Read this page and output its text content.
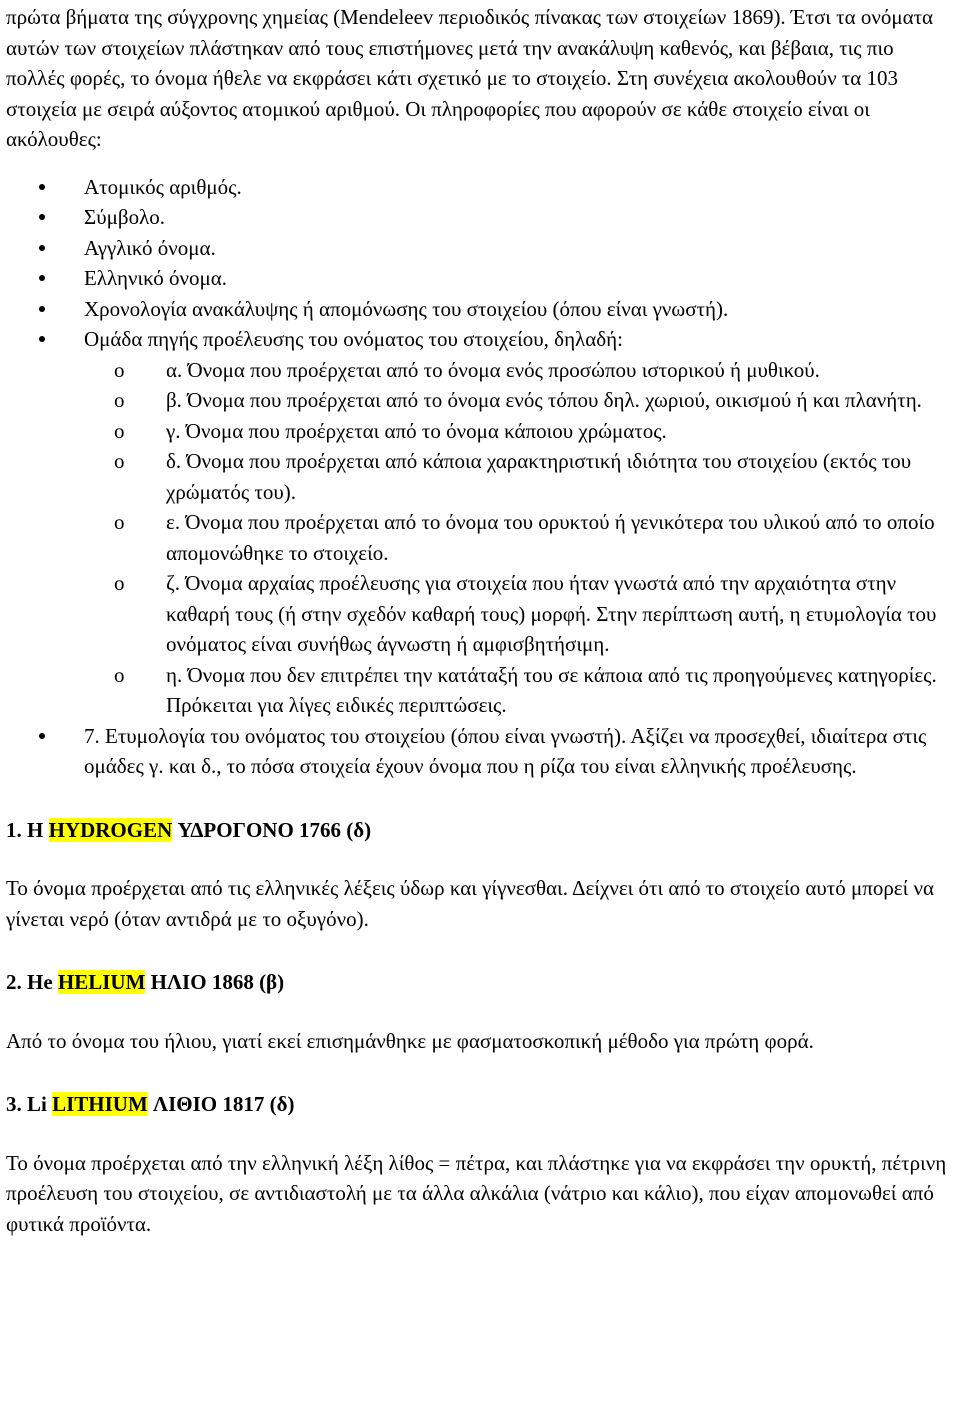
πρώτα βήματα της σύγχρονης χημείας (Mendeleev περιοδικός πίνακας των στοιχείων 1869). Έτσι τα ονόματα αυτών των στοιχείων πλάστηκαν από τους επιστήμονες μετά την ανακάλυψη καθενός, και βέβαια, τις πιο πολλές φορές, το όνομα ήθελε να εκφράσει κάτι σχετικό με το στοιχείο. Στη συνέχεια ακολουθούν τα 103 στοιχεία με σειρά αύξοντος ατομικού αριθμού. Οι πληροφορίες που αφορούν σε κάθε στοιχείο είναι οι ακόλουθες:

Ατομικός αριθμός.
Σύμβολο.
Αγγλικό όνομα.
Ελληνικό όνομα.
Χρονολογία ανακάλυψης ή απομόνωσης του στοιχείου (όπου είναι γνωστή).
Ομάδα πηγής προέλευσης του ονόματος του στοιχείου, δηλαδή:
o α. Όνομα που προέρχεται από το όνομα ενός προσώπου ιστορικού ή μυθικού.
o β. Όνομα που προέρχεται από το όνομα ενός τόπου δηλ. χωριού, οικισμού ή και πλανήτη.
o γ. Όνομα που προέρχεται από το όνομα κάποιου χρώματος.
o δ. Όνομα που προέρχεται από κάποια χαρακτηριστική ιδιότητα του στοιχείου (εκτός του χρώματός του).
o ε. Όνομα που προέρχεται από το όνομα του ορυκτού ή γενικότερα του υλικού από το οποίο απομονώθηκε το στοιχείο.
o ζ. Όνομα αρχαίας προέλευσης για στοιχεία που ήταν γνωστά από την αρχαιότητα στην καθαρή τους (ή στην σχεδόν καθαρή τους) μορφή. Στην περίπτωση αυτή, η ετυμολογία του ονόματος είναι συνήθως άγνωστη ή αμφισβητήσιμη.
o η. Όνομα που δεν επιτρέπει την κατάταξή του σε κάποια από τις προηγούμενες κατηγορίες. Πρόκειται για λίγες ειδικές περιπτώσεις.
7. Ετυμολογία του ονόματος του στοιχείου (όπου είναι γνωστή). Αξίζει να προσεχθεί, ιδιαίτερα στις ομάδες γ. και δ., το πόσα στοιχεία έχουν όνομα που η ρίζα του είναι ελληνικής προέλευσης.

1. H HYDROGEN ΥΔΡΟΓΟΝΟ 1766 (δ)

Το όνομα προέρχεται από τις ελληνικές λέξεις ύδωρ και γίγνεσθαι. Δείχνει ότι από το στοιχείο αυτό μπορεί να γίνεται νερό (όταν αντιδρά με το οξυγόνο).

2. He HELIUM ΗΛΙΟ 1868 (β)

Από το όνομα του ήλιου, γιατί εκεί επισημάνθηκε με φασματοσκοπική μέθοδο για πρώτη φορά.

3. Li LITHIUM ΛΙΘΙΟ 1817 (δ)

Το όνομα προέρχεται από την ελληνική λέξη λίθος = πέτρα, και πλάστηκε για να εκφράσει την ορυκτή, πέτρινη προέλευση του στοιχείου, σε αντιδιαστολή με τα άλλα αλκάλια (νάτριο και κάλιο), που είχαν απομονωθεί από φυτικά προϊόντα.
